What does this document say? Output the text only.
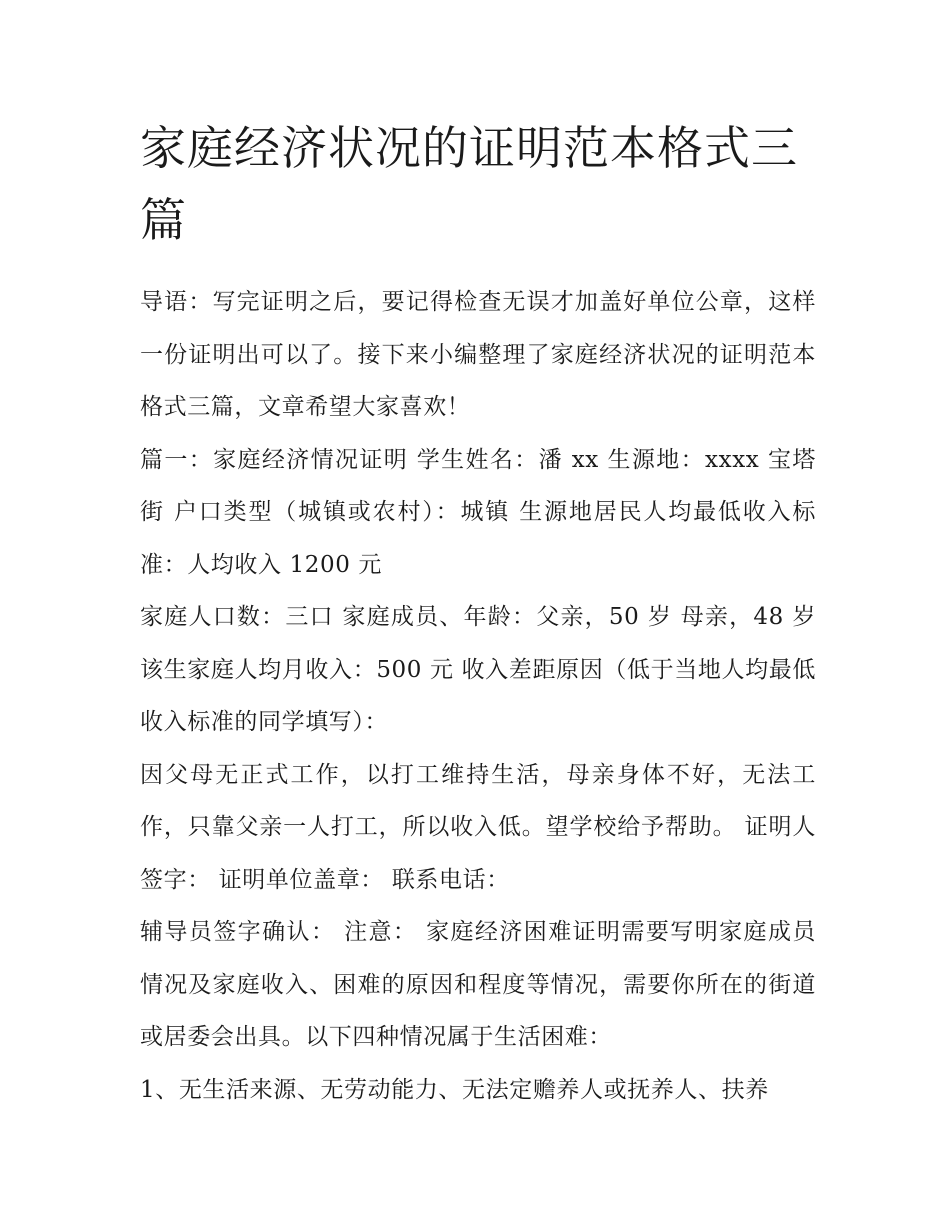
家庭经济状况的证明范本格式三篇

导语：写完证明之后，要记得检查无误才加盖好单位公章，这样一份证明出可以了。接下来小编整理了家庭经济状况的证明范本格式三篇，文章希望大家喜欢！

篇一：家庭经济情况证明 学生姓名：潘 xx 生源地：xxxx 宝塔街 户口类型（城镇或农村）：城镇 生源地居民人均最低收入标准：人均收入 1200 元

家庭人口数：三口 家庭成员、年龄：父亲，50 岁 母亲，48 岁 该生家庭人均月收入：500 元 收入差距原因（低于当地人均最低收入标准的同学填写）：

因父母无正式工作，以打工维持生活，母亲身体不好，无法工作，只靠父亲一人打工，所以收入低。望学校给予帮助。 证明人签字： 证明单位盖章： 联系电话：

辅导员签字确认： 注意： 家庭经济困难证明需要写明家庭成员情况及家庭收入、困难的原因和程度等情况，需要你所在的街道或居委会出具。以下四种情况属于生活困难：

1、无生活来源、无劳动能力、无法定赡养人或抚养人、扶养
